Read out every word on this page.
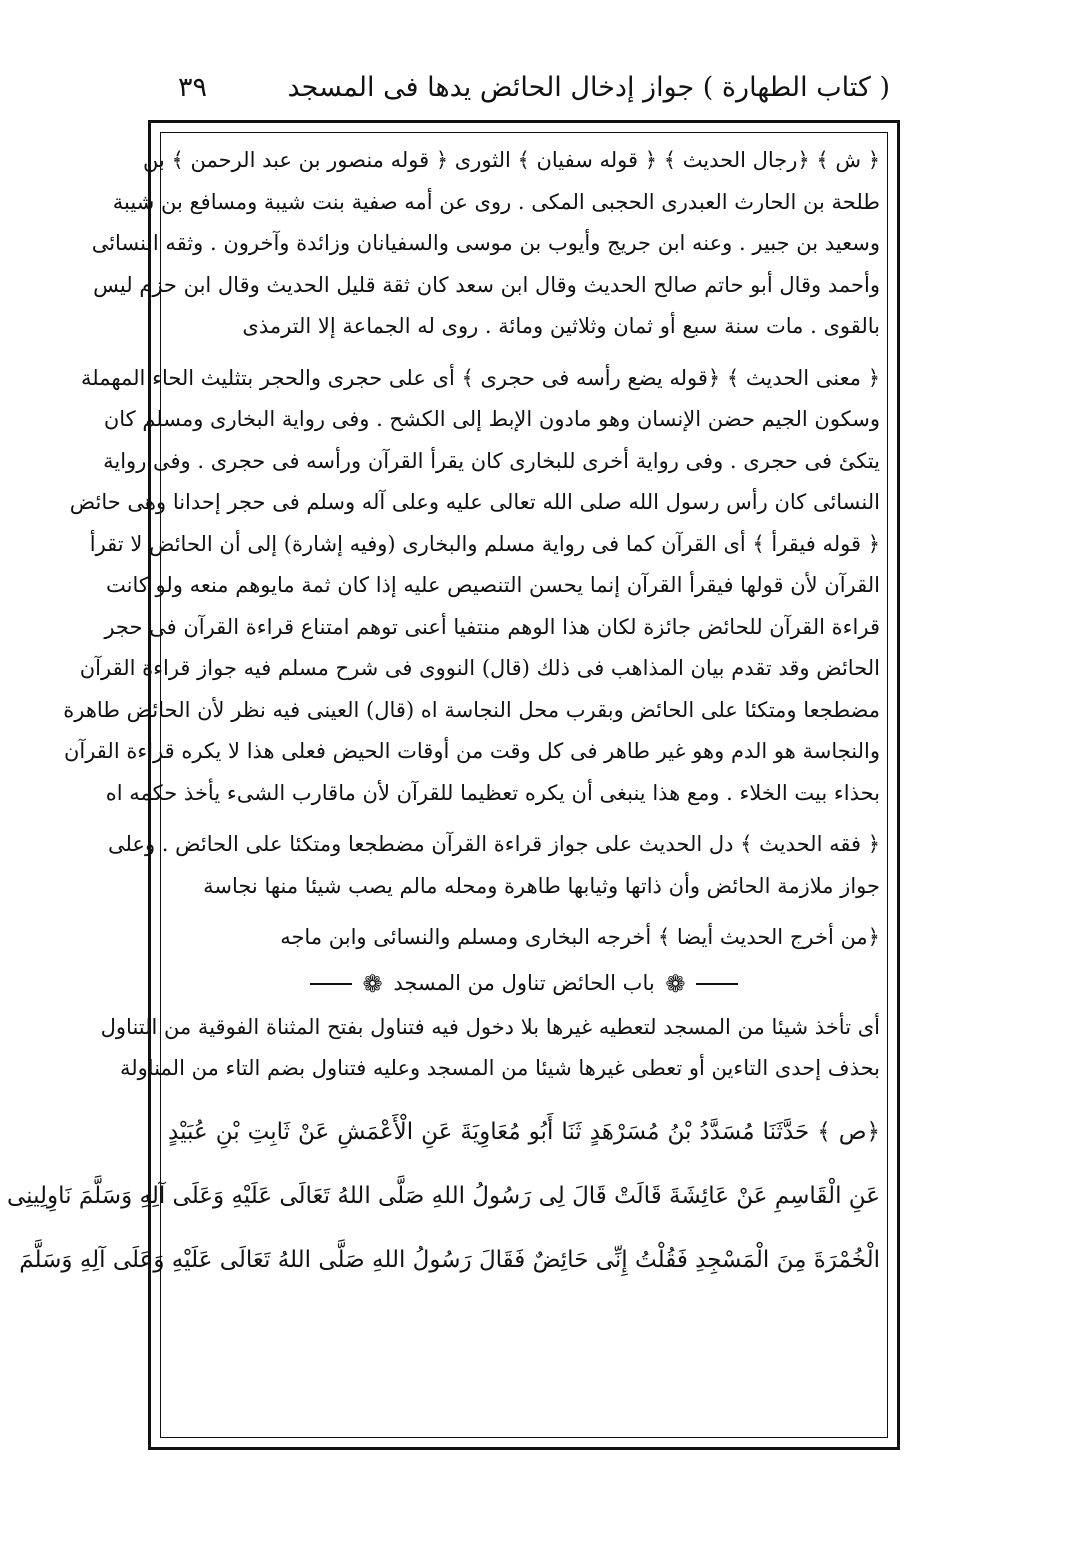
( كتاب الطهارة ) جواز إدخال الحائض يدها فى المسجد
٣٩
﴿ ش ﴾ ﴿رجال الحديث ﴾ ﴿ قوله سفيان ﴾ الثورى ﴿ قوله منصور بن عبد الرحمن ﴾ بن
طلحة بن الحارث العبدرى الحجبى المكى . روى عن أمه صفية بنت شيبة ومسافع بن شيبة
وسعيد بن جبير . وعنه ابن جريج وأيوب بن موسى والسفيانان وزائدة وآخرون . وثقه النسائى
وأحمد وقال أبو حاتم صالح الحديث وقال ابن سعد كان ثقة قليل الحديث وقال ابن حزم ليس
بالقوى . مات سنة سبع أو ثمان وثلاثين ومائة . روى له الجماعة إلا الترمذى
﴿ معنى الحديث ﴾ ﴿قوله يضع رأسه فى حجرى ﴾ أى على حجرى والحجر بتثليث الحاء المهملة
وسكون الجيم حضن الإنسان وهو مادون الإبط إلى الكشح . وفى رواية البخارى ومسلم كان
يتكئ فى حجرى . وفى رواية أخرى للبخارى كان يقرأ القرآن ورأسه فى حجرى . وفى رواية
النسائى كان رأس رسول الله صلى الله تعالى عليه وعلى آله وسلم فى حجر إحدانا وهى حائض
﴿ قوله فيقرأ ﴾ أى القرآن كما فى رواية مسلم والبخارى (وفيه إشارة) إلى أن الحائض لا تقرأ
القرآن لأن قولها فيقرأ القرآن إنما يحسن التنصيص عليه إذا كان ثمة مايوهم منعه ولو كانت
قراءة القرآن للحائض جائزة لكان هذا الوهم منتفيا أعنى توهم امتناع قراءة القرآن فى حجر
الحائض وقد تقدم بيان المذاهب فى ذلك (قال) النووى فى شرح مسلم فيه جواز قراءة القرآن
مضطجعا ومتكئا على الحائض وبقرب محل النجاسة اه (قال) العينى فيه نظر لأن الحائض طاهرة
والنجاسة هو الدم وهو غير طاهر فى كل وقت من أوقات الحيض فعلى هذا لا يكره قراءة القرآن
بحذاء بيت الخلاء . ومع هذا ينبغى أن يكره تعظيما للقرآن لأن ماقارب الشىء يأخذ حكمه اه
﴿ فقه الحديث ﴾ دل الحديث على جواز قراءة القرآن مضطجعا ومتكئا على الحائض . وعلى
جواز ملازمة الحائض وأن ذاتها وثيابها طاهرة ومحله مالم يصب شيئا منها نجاسة
﴿من أخرج الحديث أيضا ﴾ أخرجه البخارى ومسلم والنسائى وابن ماجه
❁ باب الحائض تناول من المسجد ❁
أى تأخذ شيئا من المسجد لتعطيه غيرها بلا دخول فيه فتناول بفتح المثناة الفوقية من التناول
بحذف إحدى التاءين أو تعطى غيرها شيئا من المسجد وعليه فتناول بضم التاء من المناولة
﴿ص ﴾ حَدَّثَنَا مُسَدَّدُ بْنُ مُسَرْهَدٍ ثَنَا أَبُو مُعَاوِيَةَ عَنِ الْأَعْمَشِ عَنْ ثَابِتِ بْنِ عُبَيْدٍ
عَنِ الْقَاسِمِ عَنْ عَائِشَةَ قَالَتْ قَالَ لِى رَسُولُ اللهِ صَلَّى اللهُ تَعَالَى عَلَيْهِ وَعَلَى آلِهِ وَسَلَّمَ نَاوِلِينِى
الْخُمْرَةَ مِنَ الْمَسْجِدِ فَقُلْتُ إِنِّى حَائِضٌ فَقَالَ رَسُولُ اللهِ صَلَّى اللهُ تَعَالَى عَلَيْهِ وَعَلَى آلِهِ وَسَلَّمَ
